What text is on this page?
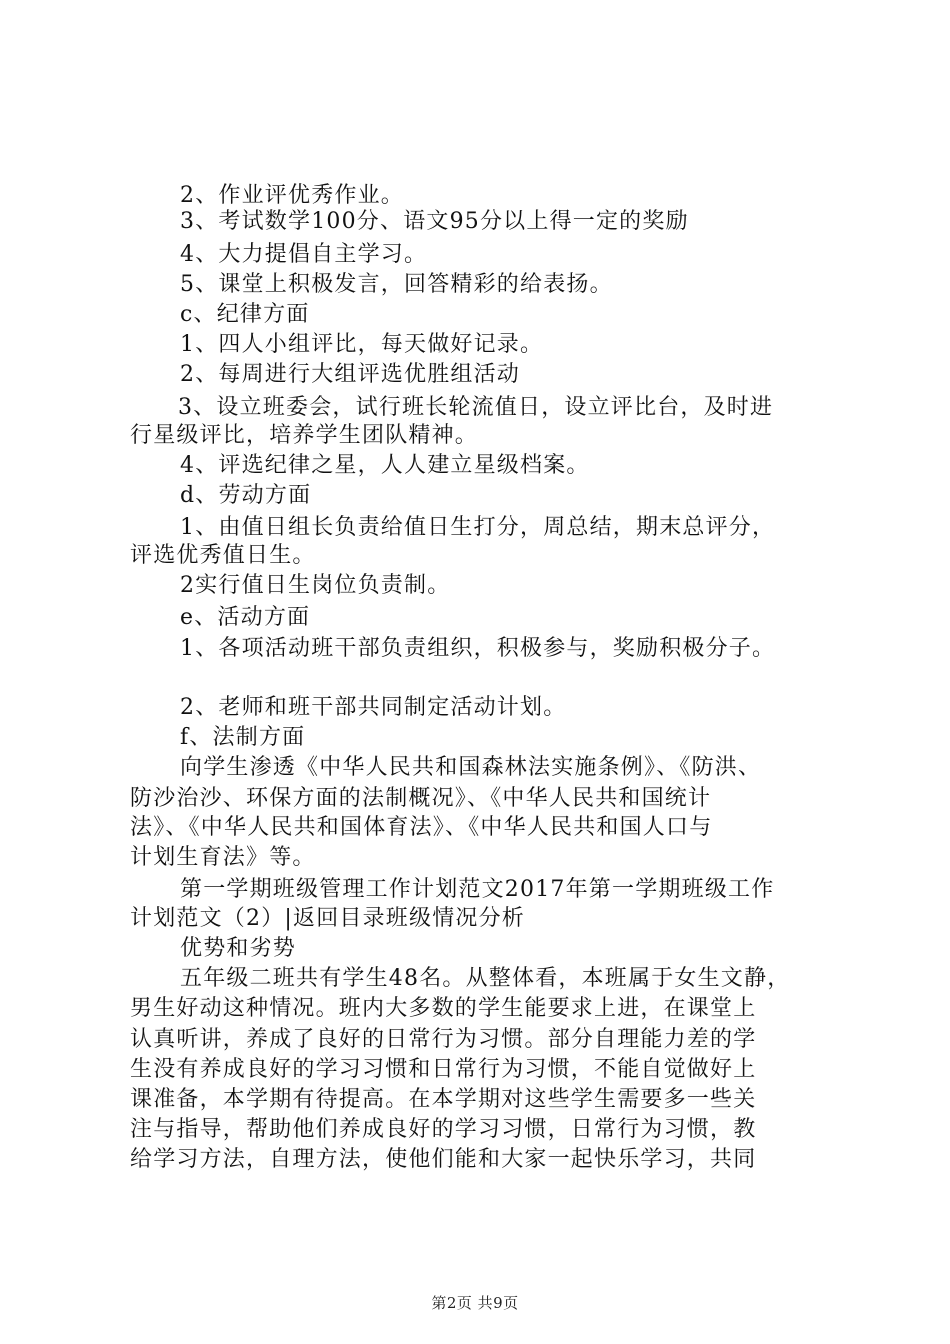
2、作业评优秀作业。
3、考试数学100分、语文95分以上得一定的奖励
4、大力提倡自主学习。
5、课堂上积极发言，回答精彩的给表扬。
c、纪律方面
1、四人小组评比，每天做好记录。
2、每周进行大组评选优胜组活动
3、设立班委会，试行班长轮流值日，设立评比台，及时进
行星级评比，培养学生团队精神。
4、评选纪律之星，人人建立星级档案。
d、劳动方面
1、由值日组长负责给值日生打分，周总结，期末总评分，
评选优秀值日生。
2实行值日生岗位负责制。
e、活动方面
1、各项活动班干部负责组织，积极参与，奖励积极分子。
2、老师和班干部共同制定活动计划。
f、法制方面
向学生渗透《中华人民共和国森林法实施条例》、《防洪、
防沙治沙、环保方面的法制概况》、《中华人民共和国统计
法》、《中华人民共和国体育法》、《中华人民共和国人口与
计划生育法》等。
第一学期班级管理工作计划范文2017年第一学期班级工作
计划范文（2）|返回目录班级情况分析
优势和劣势
五年级二班共有学生48名。从整体看，本班属于女生文静，
男生好动这种情况。班内大多数的学生能要求上进，在课堂上
认真听讲，养成了良好的日常行为习惯。部分自理能力差的学
生没有养成良好的学习习惯和日常行为习惯，不能自觉做好上
课准备，本学期有待提高。在本学期对这些学生需要多一些关
注与指导，帮助他们养成良好的学习习惯，日常行为习惯，教
给学习方法，自理方法，使他们能和大家一起快乐学习，共同
第2页 共9页
